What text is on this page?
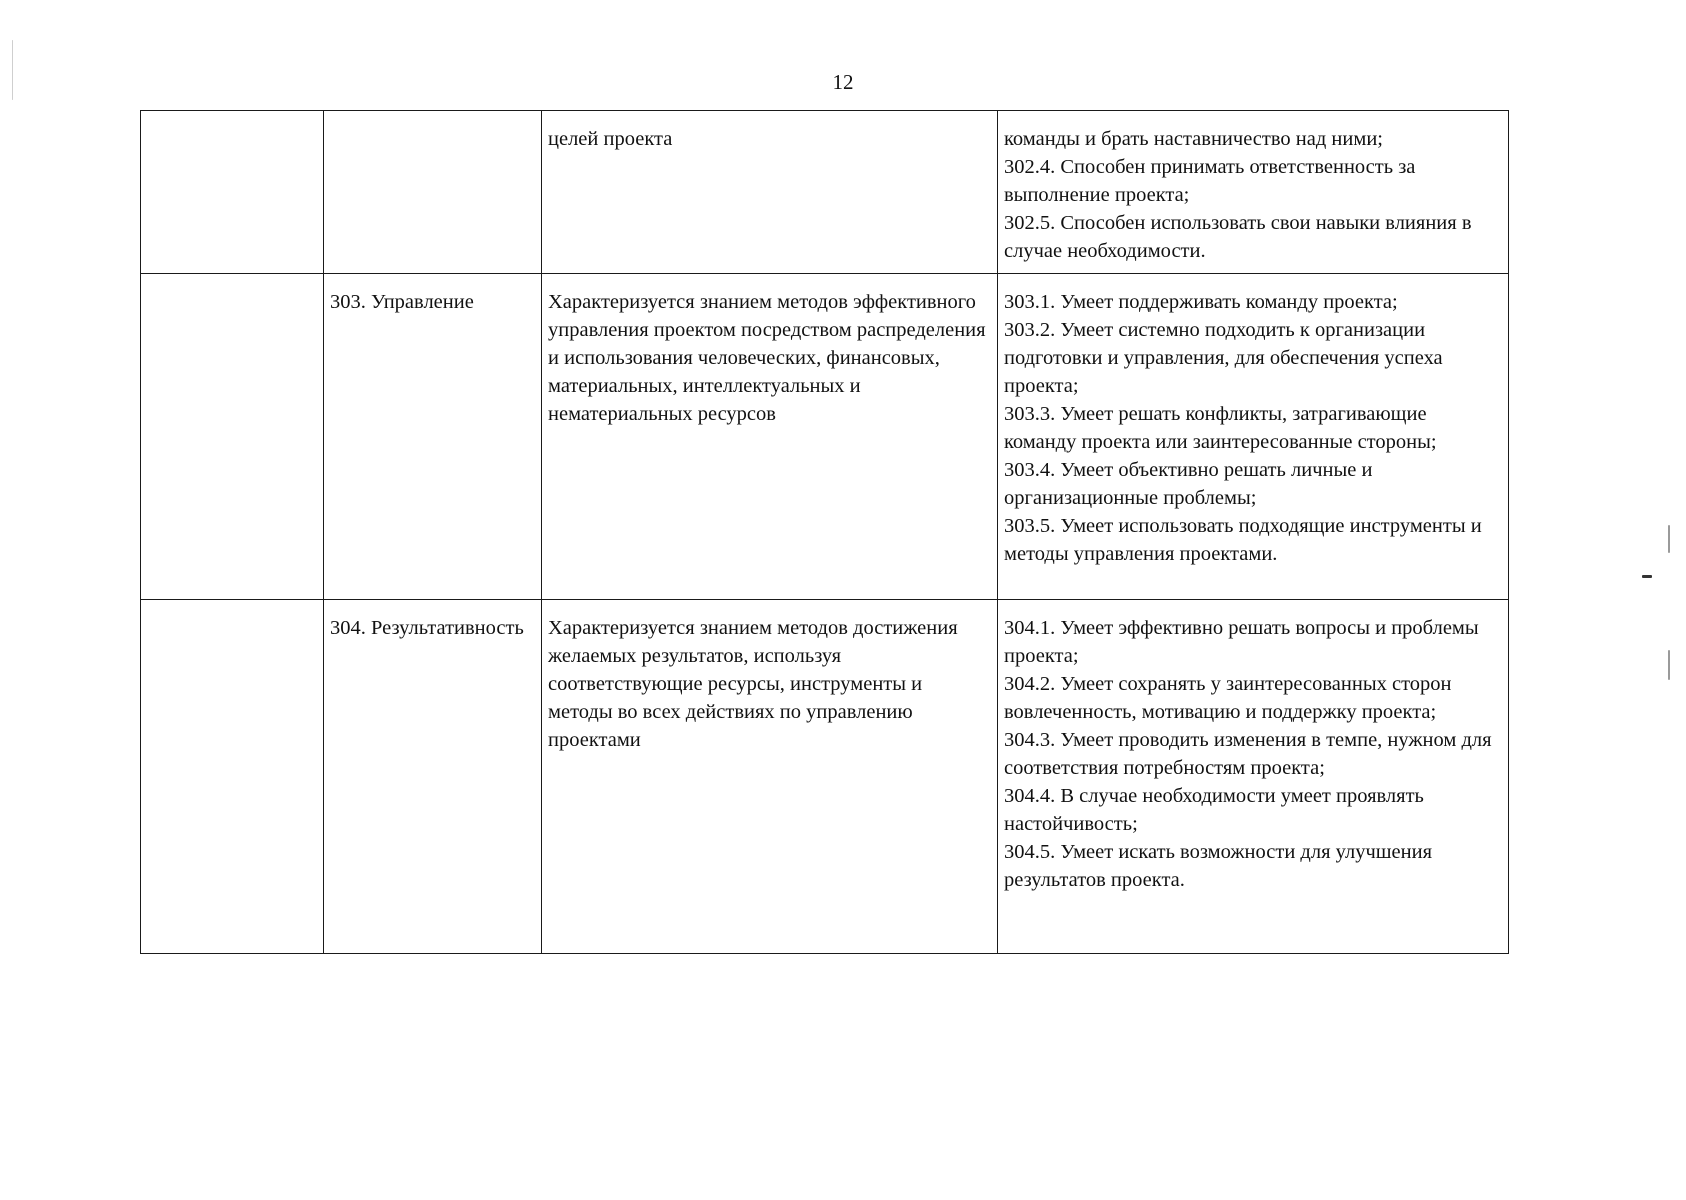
12
		целей проекта	команды и брать наставничество над ними;
302.4. Способен принимать ответственность за выполнение проекта;
302.5. Способен использовать свои навыки влияния в случае необходимости.

	303. Управление	Характеризуется знанием методов эффективного управления проектом посредством распределения и использования человеческих, финансовых, материальных, интеллектуальных и нематериальных ресурсов	303.1. Умеет поддерживать команду проекта;
303.2. Умеет системно подходить к организации подготовки и управления, для обеспечения успеха проекта;
303.3. Умеет решать конфликты, затрагивающие команду проекта или заинтересованные стороны;
303.4. Умеет объективно решать личные и организационные проблемы;
303.5. Умеет использовать подходящие инструменты и методы управления проектами.

	304. Результативность	Характеризуется знанием методов достижения желаемых результатов, используя соответствующие ресурсы, инструменты и методы во всех действиях по управлению проектами	304.1. Умеет эффективно решать вопросы и проблемы проекта;
304.2. Умеет сохранять у заинтересованных сторон вовлеченность, мотивацию и поддержку проекта;
304.3. Умеет проводить изменения в темпе, нужном для соответствия потребностям проекта;
304.4. В случае необходимости умеет проявлять настойчивость;
304.5. Умеет искать возможности для улучшения результатов проекта.
